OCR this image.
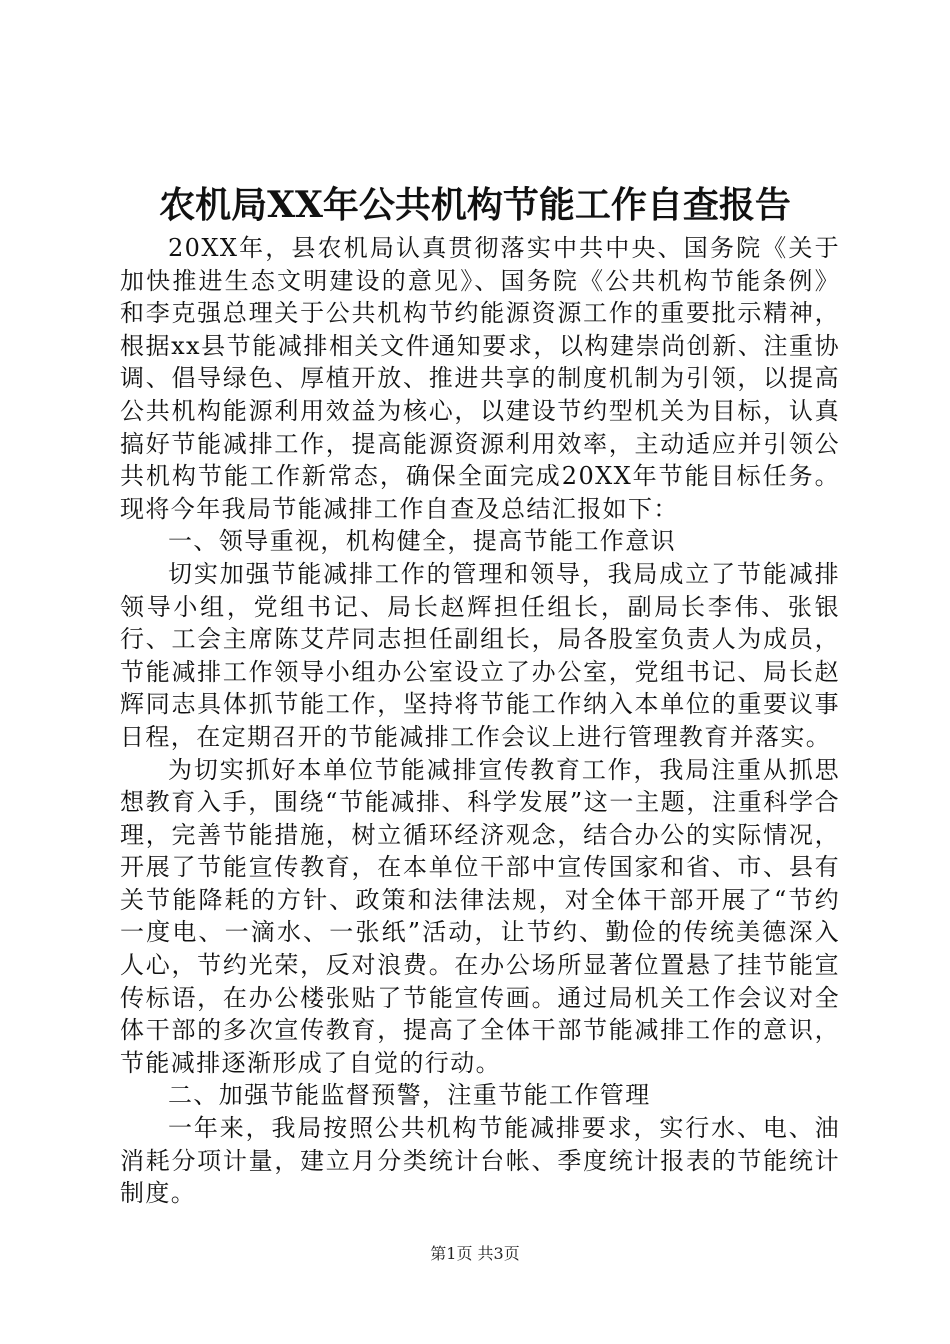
农机局XX年公共机构节能工作自查报告

20XX年，县农机局认真贯彻落实中共中央、国务院《关于加快推进生态文明建设的意见》、国务院《公共机构节能条例》和李克强总理关于公共机构节约能源资源工作的重要批示精神，根据xx县节能减排相关文件通知要求，以构建崇尚创新、注重协调、倡导绿色、厚植开放、推进共享的制度机制为引领，以提高公共机构能源利用效益为核心，以建设节约型机关为目标，认真搞好节能减排工作，提高能源资源利用效率，主动适应并引领公共机构节能工作新常态，确保全面完成20XX年节能目标任务。现将今年我局节能减排工作自查及总结汇报如下：

一、领导重视，机构健全，提高节能工作意识

切实加强节能减排工作的管理和领导，我局成立了节能减排领导小组，党组书记、局长赵辉担任组长，副局长李伟、张银行、工会主席陈艾芹同志担任副组长，局各股室负责人为成员，节能减排工作领导小组办公室设立了办公室，党组书记、局长赵辉同志具体抓节能工作，坚持将节能工作纳入本单位的重要议事日程，在定期召开的节能减排工作会议上进行管理教育并落实。

为切实抓好本单位节能减排宣传教育工作，我局注重从抓思想教育入手，围绕“节能减排、科学发展”这一主题，注重科学合理，完善节能措施，树立循环经济观念，结合办公的实际情况，开展了节能宣传教育，在本单位干部中宣传国家和省、市、县有关节能降耗的方针、政策和法律法规，对全体干部开展了“节约一度电、一滴水、一张纸”活动，让节约、勤俭的传统美德深入人心，节约光荣，反对浪费。在办公场所显著位置悬了挂节能宣传标语，在办公楼张贴了节能宣传画。通过局机关工作会议对全体干部的多次宣传教育，提高了全体干部节能减排工作的意识，节能减排逐渐形成了自觉的行动。

二、加强节能监督预警，注重节能工作管理

一年来，我局按照公共机构节能减排要求，实行水、电、油消耗分项计量，建立月分类统计台帐、季度统计报表的节能统计制度。

第1页 共3页
